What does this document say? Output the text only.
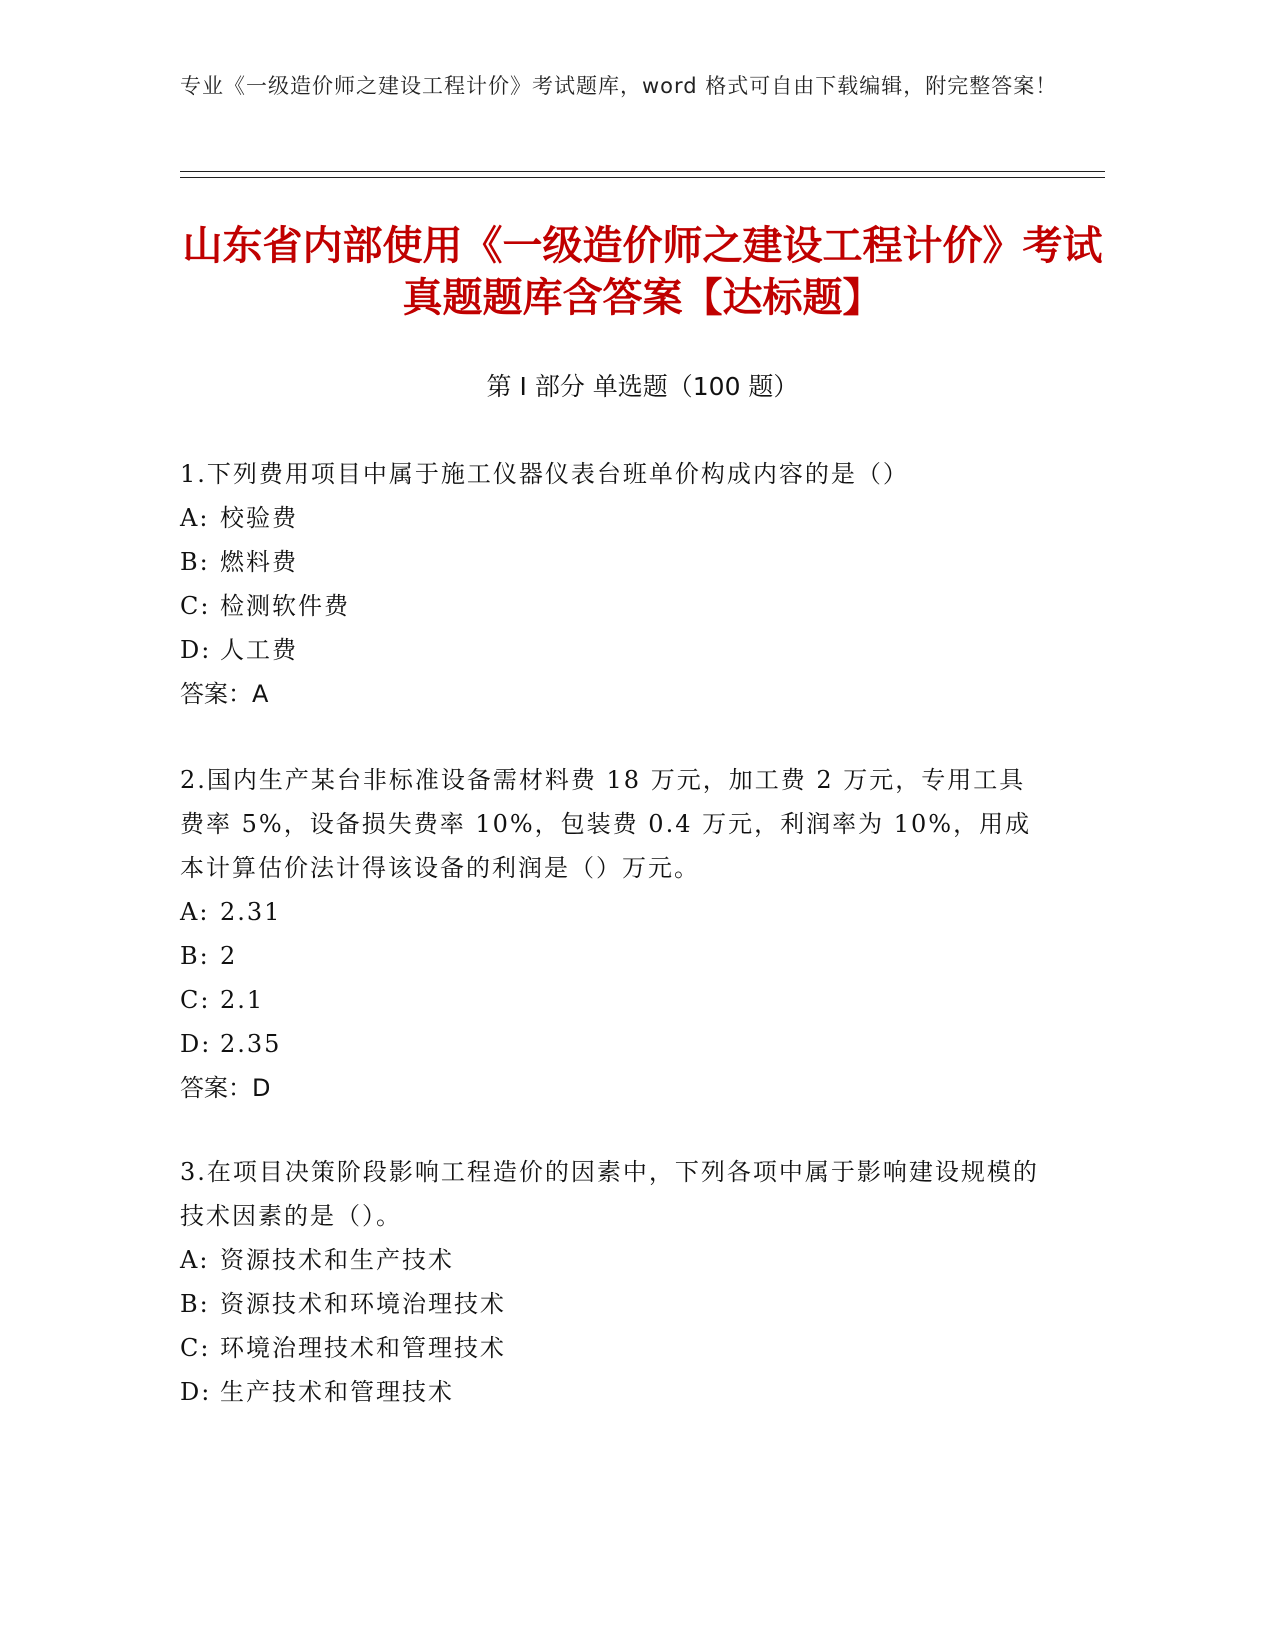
专业《一级造价师之建设工程计价》考试题库，word 格式可自由下载编辑，附完整答案！
山东省内部使用《一级造价师之建设工程计价》考试真题题库含答案【达标题】
第 I 部分 单选题（100 题）
1.下列费用项目中属于施工仪器仪表台班单价构成内容的是（）
A: 校验费
B: 燃料费
C: 检测软件费
D: 人工费
答案：A
2.国内生产某台非标准设备需材料费 18 万元，加工费 2 万元，专用工具费率 5%，设备损失费率 10%，包装费 0.4 万元，利润率为 10%，用成本计算估价法计得该设备的利润是（）万元。
A: 2.31
B: 2
C: 2.1
D: 2.35
答案：D
3.在项目决策阶段影响工程造价的因素中，下列各项中属于影响建设规模的技术因素的是（）。
A: 资源技术和生产技术
B: 资源技术和环境治理技术
C: 环境治理技术和管理技术
D: 生产技术和管理技术
